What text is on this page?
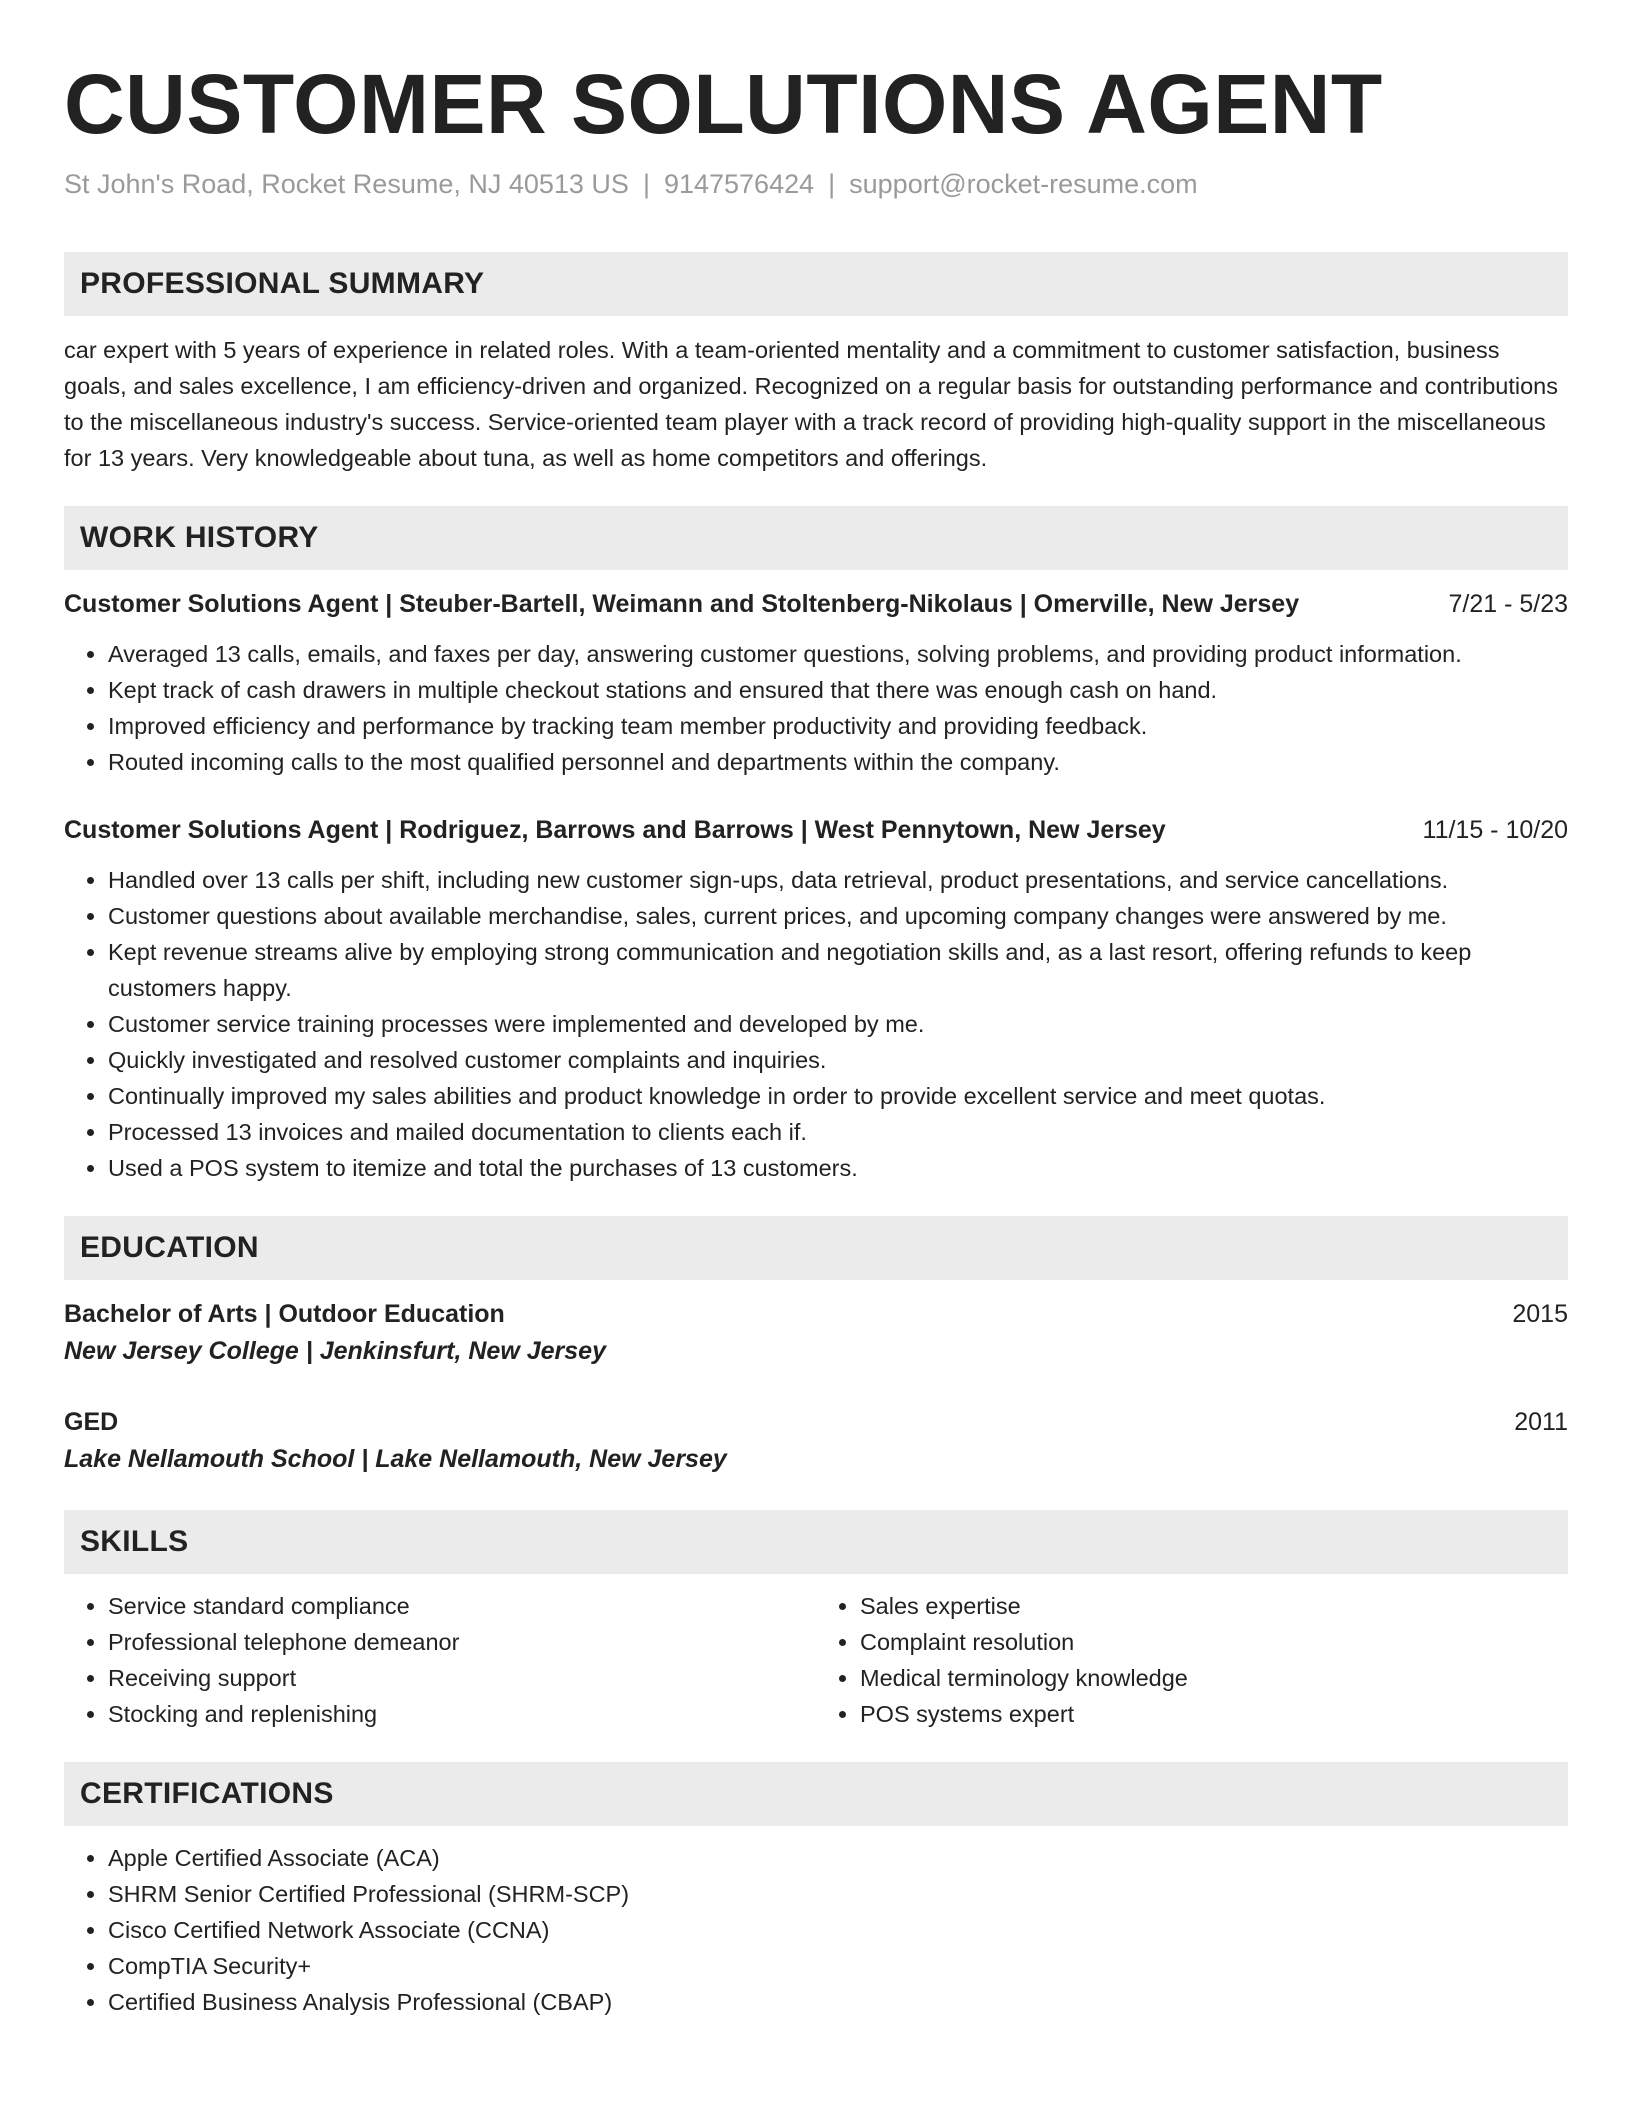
CUSTOMER SOLUTIONS AGENT
St John's Road, Rocket Resume, NJ 40513 US | 9147576424 | support@rocket-resume.com
PROFESSIONAL SUMMARY
car expert with 5 years of experience in related roles. With a team-oriented mentality and a commitment to customer satisfaction, business goals, and sales excellence, I am efficiency-driven and organized. Recognized on a regular basis for outstanding performance and contributions to the miscellaneous industry's success. Service-oriented team player with a track record of providing high-quality support in the miscellaneous for 13 years. Very knowledgeable about tuna, as well as home competitors and offerings.
WORK HISTORY
Customer Solutions Agent | Steuber-Bartell, Weimann and Stoltenberg-Nikolaus | Omerville, New Jersey	7/21 - 5/23
• Averaged 13 calls, emails, and faxes per day, answering customer questions, solving problems, and providing product information.
• Kept track of cash drawers in multiple checkout stations and ensured that there was enough cash on hand.
• Improved efficiency and performance by tracking team member productivity and providing feedback.
• Routed incoming calls to the most qualified personnel and departments within the company.
Customer Solutions Agent | Rodriguez, Barrows and Barrows | West Pennytown, New Jersey	11/15 - 10/20
• Handled over 13 calls per shift, including new customer sign-ups, data retrieval, product presentations, and service cancellations.
• Customer questions about available merchandise, sales, current prices, and upcoming company changes were answered by me.
• Kept revenue streams alive by employing strong communication and negotiation skills and, as a last resort, offering refunds to keep customers happy.
• Customer service training processes were implemented and developed by me.
• Quickly investigated and resolved customer complaints and inquiries.
• Continually improved my sales abilities and product knowledge in order to provide excellent service and meet quotas.
• Processed 13 invoices and mailed documentation to clients each if.
• Used a POS system to itemize and total the purchases of 13 customers.
EDUCATION
Bachelor of Arts | Outdoor Education	2015
New Jersey College | Jenkinsfurt, New Jersey
GED	2011
Lake Nellamouth School | Lake Nellamouth, New Jersey
SKILLS
• Service standard compliance
• Professional telephone demeanor
• Receiving support
• Stocking and replenishing
• Sales expertise
• Complaint resolution
• Medical terminology knowledge
• POS systems expert
CERTIFICATIONS
• Apple Certified Associate (ACA)
• SHRM Senior Certified Professional (SHRM-SCP)
• Cisco Certified Network Associate (CCNA)
• CompTIA Security+
• Certified Business Analysis Professional (CBAP)
